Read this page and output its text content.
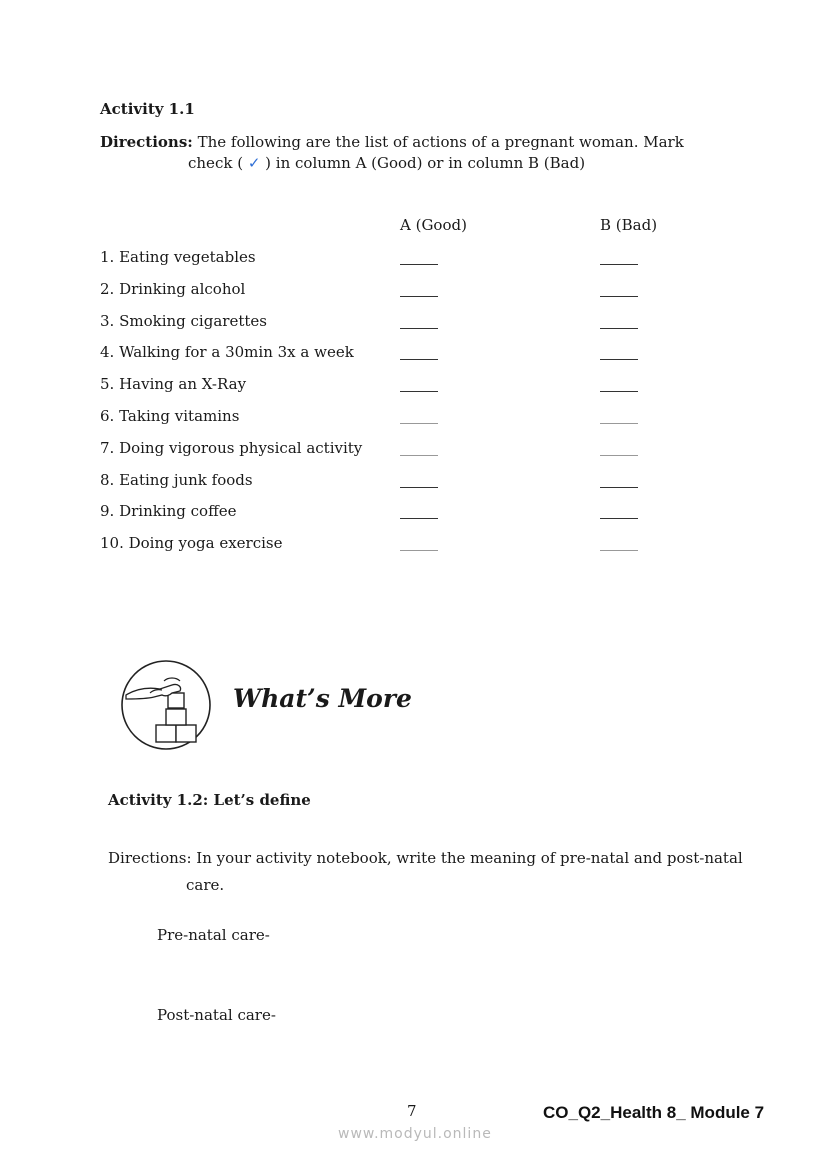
Activity 1.1
Directions: The following are the list of actions of a pregnant woman. Mark
check ( ✓ ) in column A (Good) or in column B (Bad)
A (Good)	B (Bad)
1. Eating vegetables
2. Drinking alcohol
3. Smoking cigarettes
4. Walking for a 30min 3x a week
5. Having an X-Ray
6. Taking vitamins
7. Doing vigorous physical activity
8. Eating junk foods
9. Drinking coffee
10. Doing yoga exercise
What’s More
Activity 1.2: Let’s define
Directions: In your activity notebook, write the meaning of pre-natal and post-natal
care.
Pre-natal care-
Post-natal care-
7	CO_Q2_Health 8_ Module 7
www.modyul.online
